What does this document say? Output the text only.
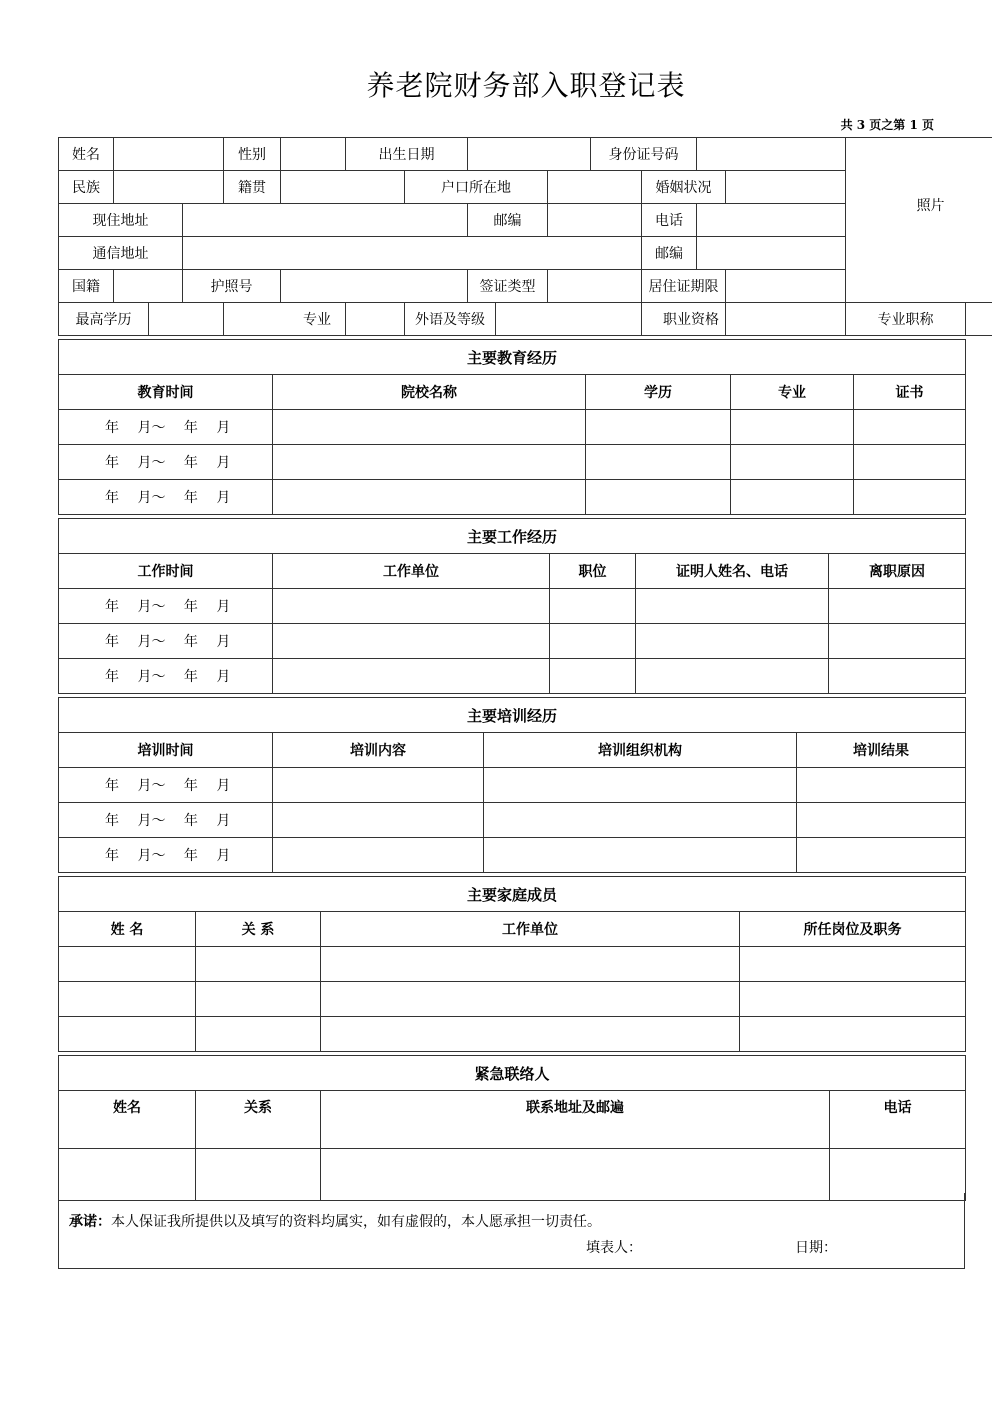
养老院财务部入职登记表
共 3 页之第 1 页
姓名				性别		出生日期					身份证号码				照片	
民族				籍贯			户口所在地					婚姻状况				
现住地址								邮编				电话				
通信地址												邮编				
国籍			护照号					签证类型				居住证期限				
最高学历				专业			外语及等级					职业资格			专业职称	
主要教育经历				
教育时间	院校名称	学历	专业	证书
年　 月～　 年　 月				
年　 月～　 年　 月				
年　 月～　 年　 月				
主要工作经历				
工作时间	工作单位	职位	证明人姓名、电话	离职原因
年　 月～　 年　 月				
年　 月～　 年　 月				
年　 月～　 年　 月				
主要培训经历			
培训时间	培训内容	培训组织机构	培训结果
年　 月～　 年　 月			
年　 月～　 年　 月			
年　 月～　 年　 月			
主要家庭成员			
姓 名	关 系	工作单位	所任岗位及职务

紧急联络人			
姓名	关系	联系地址及邮遍	电话

承诺：本人保证我所提供以及填写的资料均属实，如有虚假的，本人愿承担一切责任。
填表人：	日期：
